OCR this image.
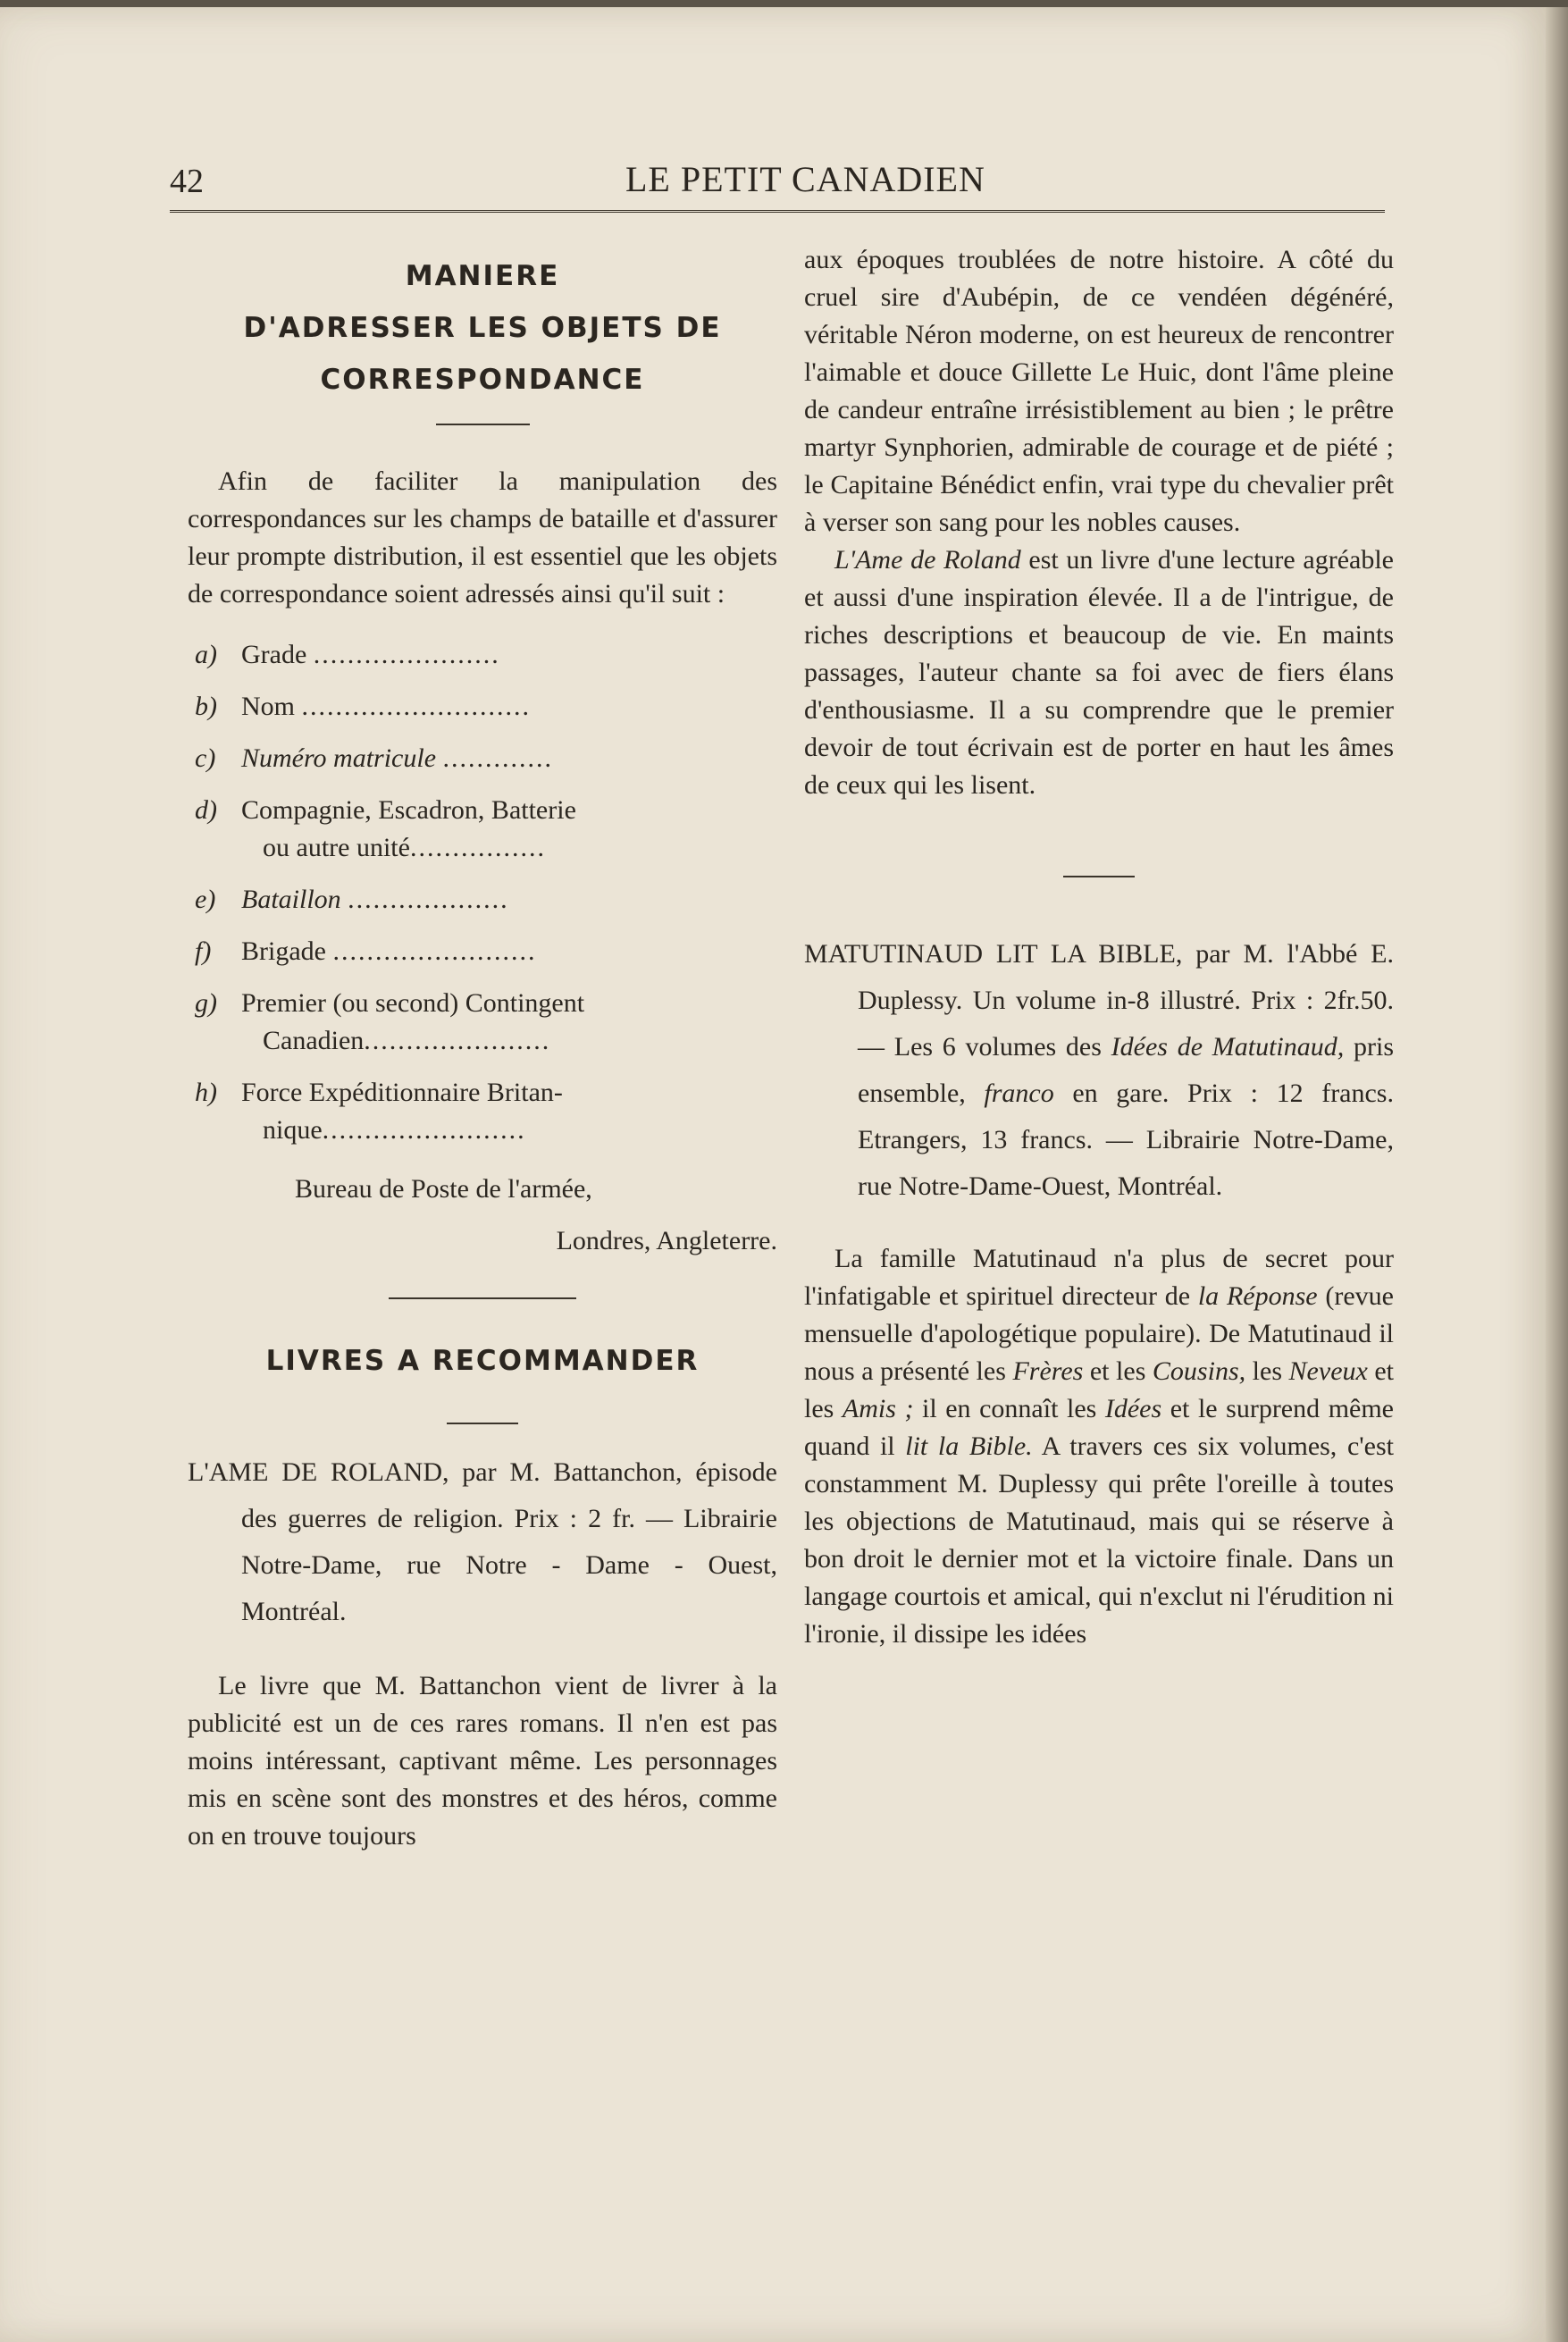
42	LE PETIT CANADIEN
MANIERE
D'ADRESSER LES OBJETS DE
CORRESPONDANCE

Afin de faciliter la manipulation des correspondances sur les champs de bataille et d'assurer leur prompte distribution, il est essentiel que les objets de correspondance soient adressés ainsi qu'il suit :

a) Grade ......................
b) Nom ...........................
c) Numéro matricule .............
d) Compagnie, Escadron, Batterie
ou autre unité................
e) Bataillon ...................
f) Brigade ........................
g) Premier (ou second) Contingent
Canadien......................
h) Force Expéditionnaire Britan-
nique........................
Bureau de Poste de l'armée,
Londres, Angleterre.
LIVRES A RECOMMANDER

L'AME DE ROLAND, par M. Battanchon, épisode des guerres de religion. Prix : 2 fr. — Librairie Notre-Dame, rue Notre - Dame - Ouest, Montréal.

Le livre que M. Battanchon vient de livrer à la publicité est un de ces rares romans. Il n'en est pas moins intéressant, captivant même. Les personnages mis en scène sont des monstres et des héros, comme on en trouve toujours

aux époques troublées de notre histoire. A côté du cruel sire d'Aubépin, de ce vendéen dégénéré, véritable Néron moderne, on est heureux de rencontrer l'aimable et douce Gillette Le Huic, dont l'âme pleine de candeur entraîne irrésistiblement au bien ; le prêtre martyr Synphorien, admirable de courage et de piété ; le Capitaine Bénédict enfin, vrai type du chevalier prêt à verser son sang pour les nobles causes.

L'Ame de Roland est un livre d'une lecture agréable et aussi d'une inspiration élevée. Il a de l'intrigue, de riches descriptions et beaucoup de vie. En maints passages, l'auteur chante sa foi avec de fiers élans d'enthousiasme. Il a su comprendre que le premier devoir de tout écrivain est de porter en haut les âmes de ceux qui les lisent.

MATUTINAUD LIT LA BIBLE, par M. l'Abbé E. Duplessy. Un volume in-8 illustré. Prix : 2fr.50. — Les 6 volumes des Idées de Matutinaud, pris ensemble, franco en gare. Prix : 12 francs. Etrangers, 13 francs. — Librairie Notre-Dame, rue Notre-Dame-Ouest, Montréal.

La famille Matutinaud n'a plus de secret pour l'infatigable et spirituel directeur de la Réponse (revue mensuelle d'apologétique populaire). De Matutinaud il nous a présenté les Frères et les Cousins, les Neveux et les Amis ; il en connaît les Idées et le surprend même quand il lit la Bible. A travers ces six volumes, c'est constamment M. Duplessy qui prête l'oreille à toutes les objections de Matutinaud, mais qui se réserve à bon droit le dernier mot et la victoire finale. Dans un langage courtois et amical, qui n'exclut ni l'érudition ni l'ironie, il dissipe les idées
